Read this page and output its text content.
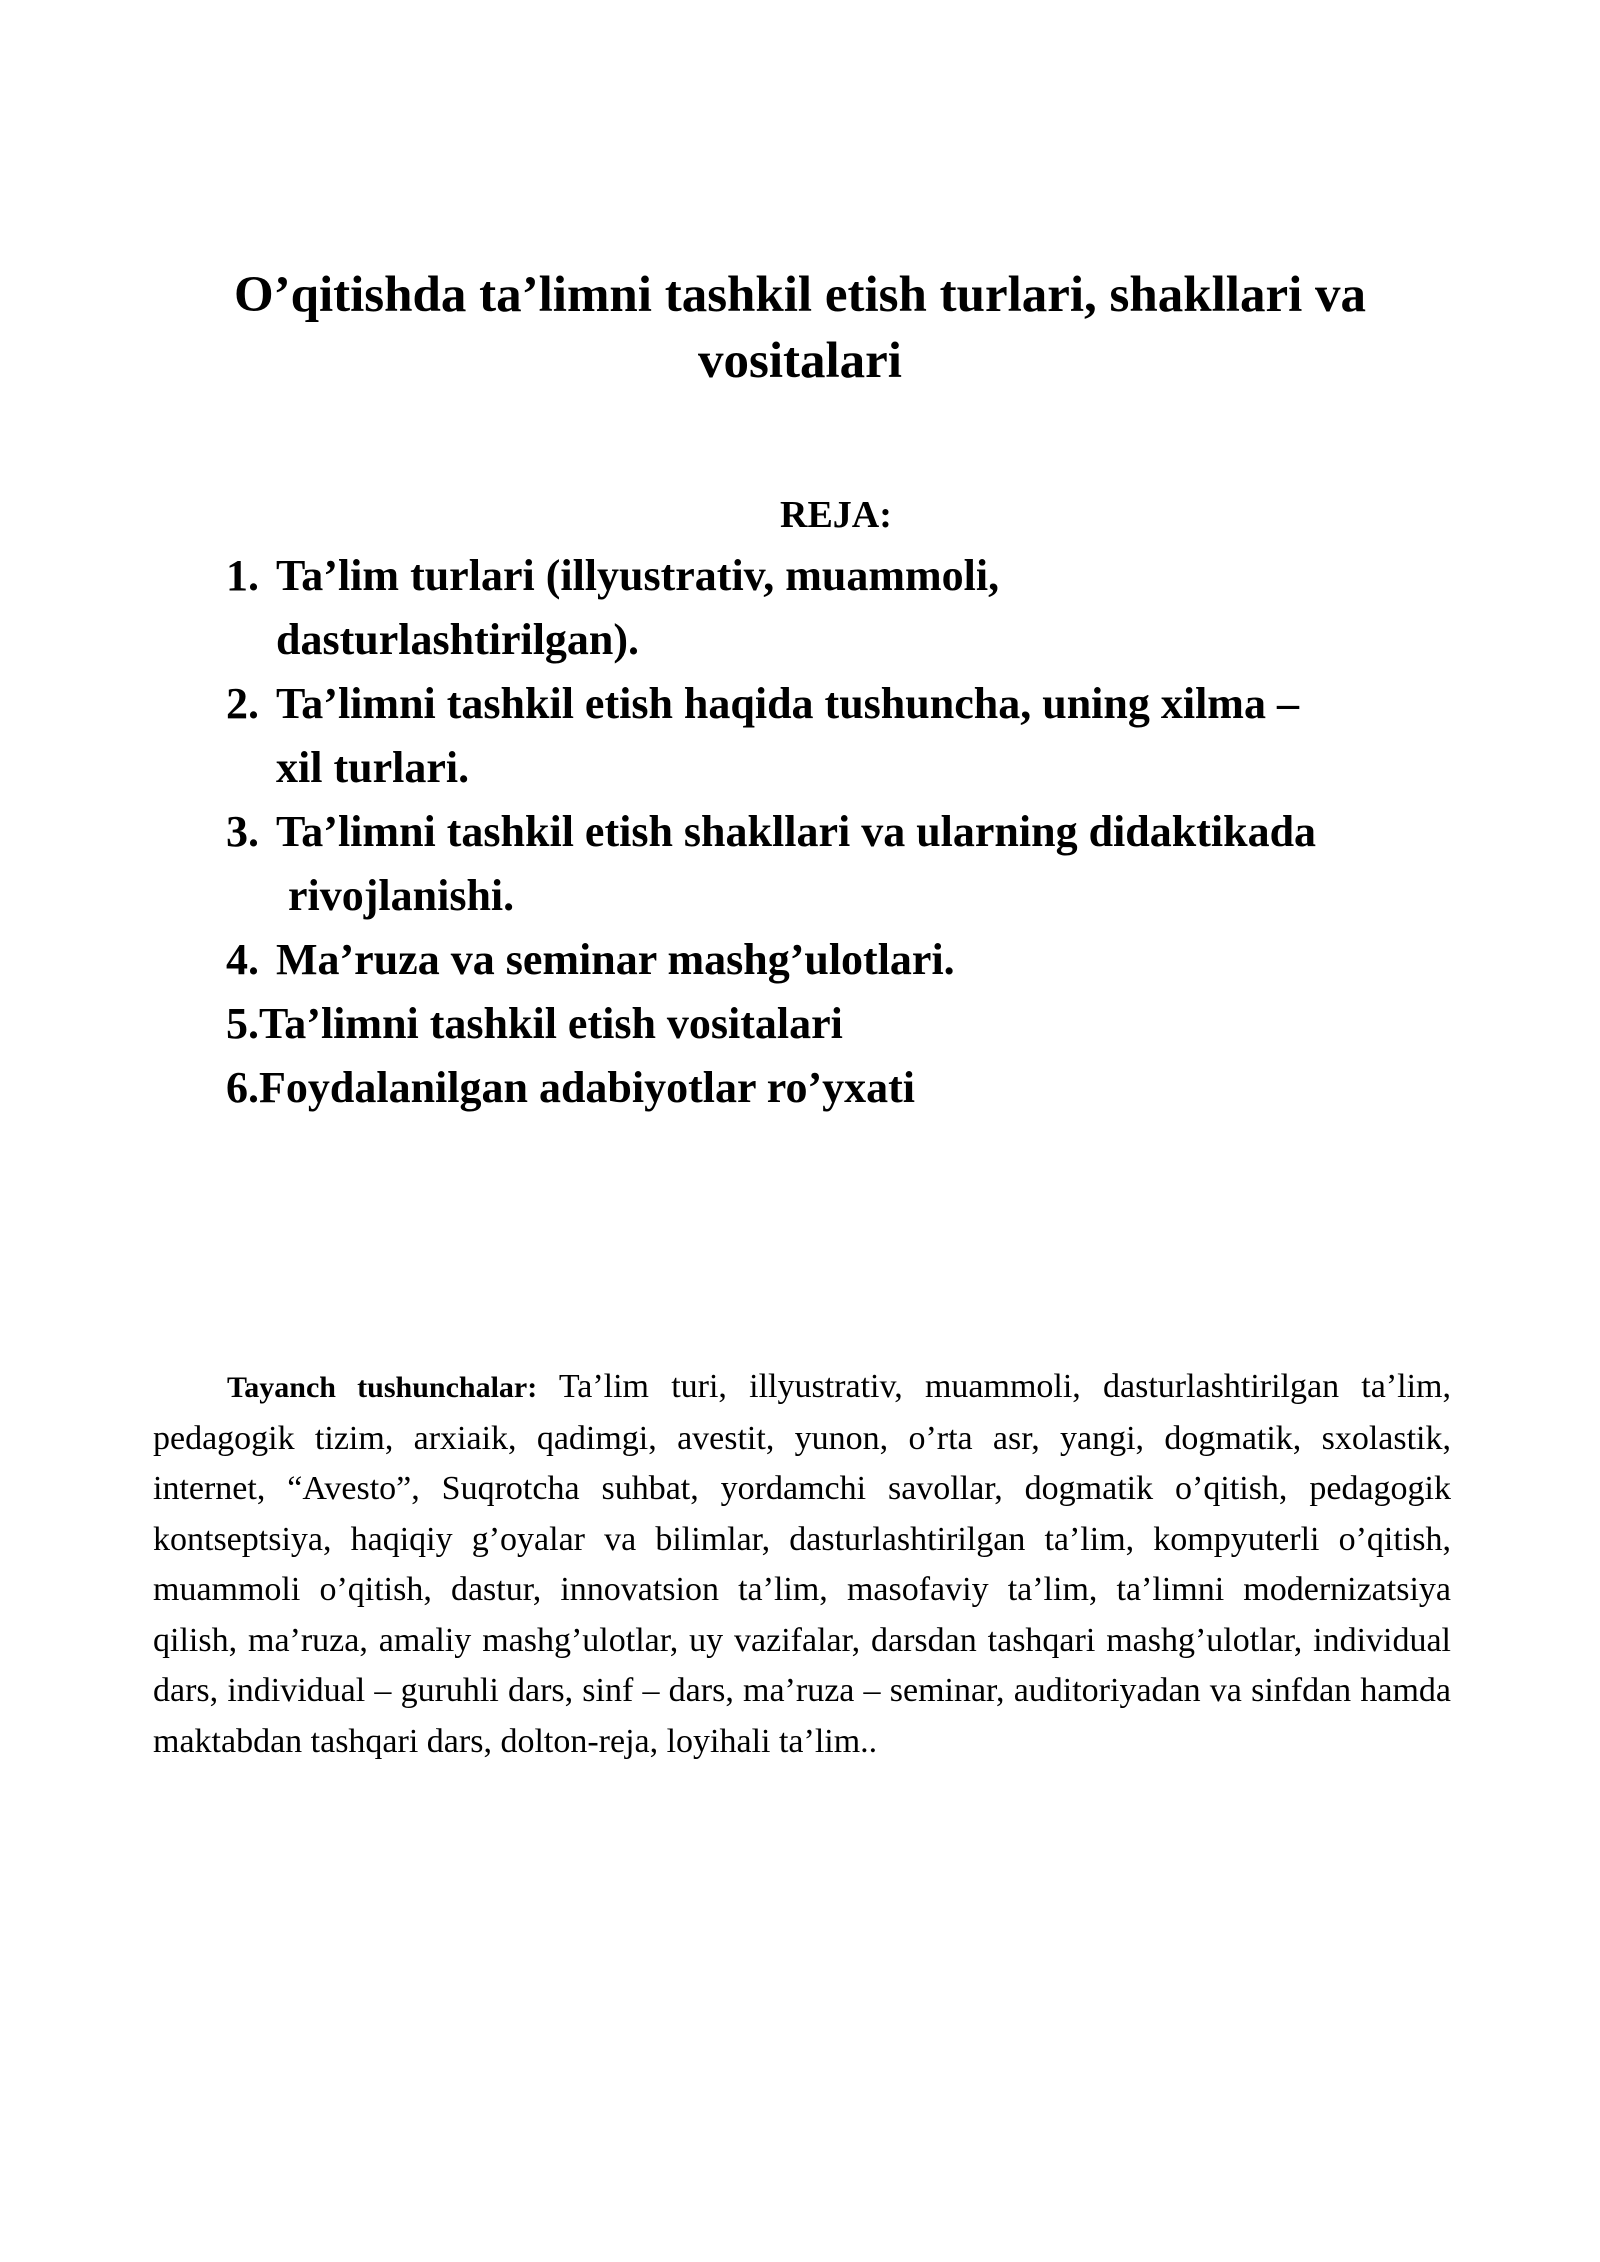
O’qitishda ta’limni tashkil etish turlari, shakllari va
vositalari

REJA:

1. Ta’lim turlari (illyustrativ, muammoli,
dasturlashtirilgan).
2. Ta’limni tashkil etish haqida tushuncha, uning xilma –
xil turlari.
3. Ta’limni tashkil etish shakllari va ularning didaktikada
rivojlanishi.
4. Ma’ruza va seminar mashg’ulotlari.
5.Ta’limni tashkil etish vositalari
6.Foydalanilgan adabiyotlar ro’yxati

Tayanch tushunchalar: Ta’lim turi, illyustrativ, muammoli, dasturlashtirilgan ta’lim, pedagogik tizim, arxiaik, qadimgi, avestit, yunon, o’rta asr, yangi, dogmatik, sxolastik, internet, “Avesto”, Suqrotcha suhbat, yordamchi savollar, dogmatik o’qitish, pedagogik kontseptsiya, haqiqiy g’oyalar va bilimlar, dasturlashtirilgan ta’lim, kompyuterli o’qitish, muammoli o’qitish, dastur, innovatsion ta’lim, masofaviy ta’lim, ta’limni modernizatsiya qilish, ma’ruza, amaliy mashg’ulotlar, uy vazifalar, darsdan tashqari mashg’ulotlar, individual dars, individual – guruhli dars, sinf – dars, ma’ruza – seminar, auditoriyadan va sinfdan hamda maktabdan tashqari dars, dolton-reja, loyihali ta’lim..
